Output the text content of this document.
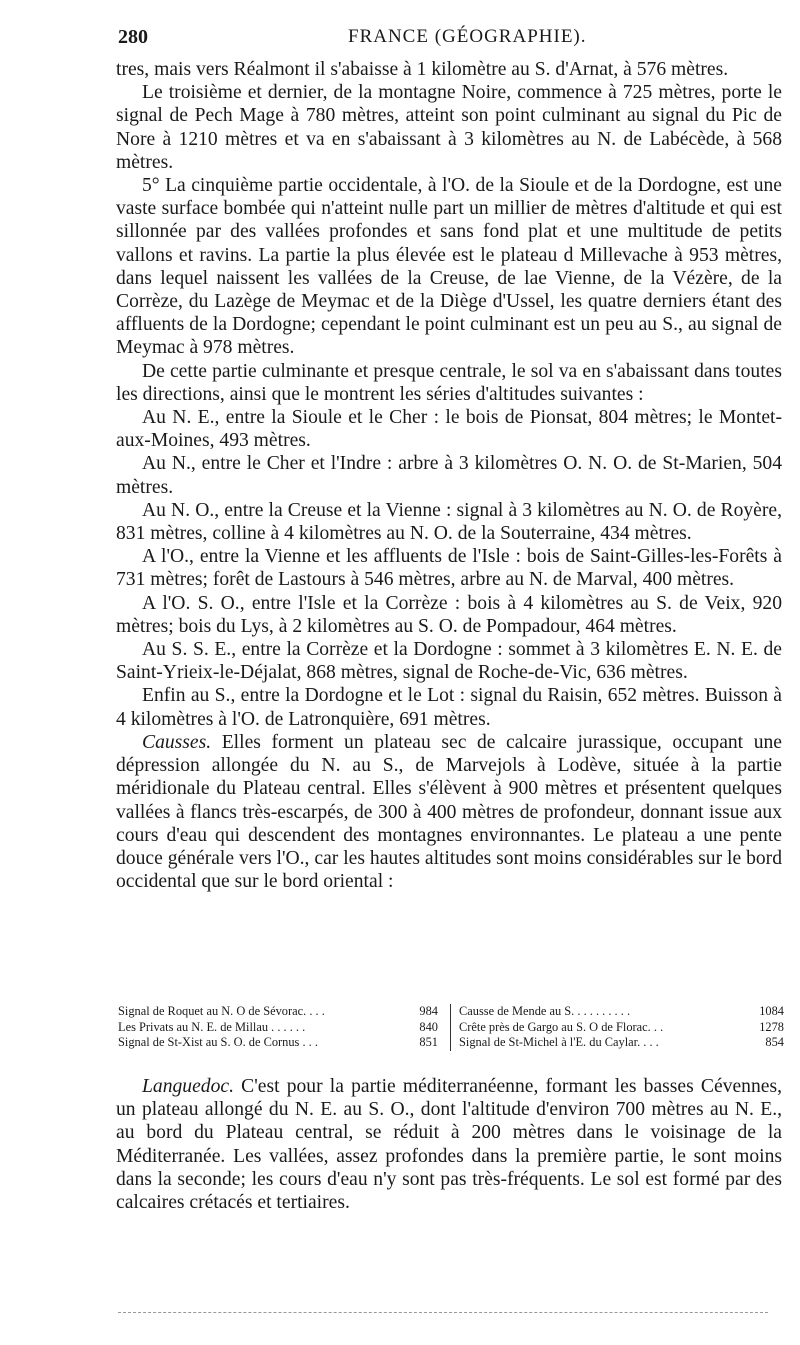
280	FRANCE (GÉOGRAPHIE).

tres, mais vers Réalmont il s'abaisse à 1 kilomètre au S. d'Arnat, à 576 mètres.

Le troisième et dernier, de la montagne Noire, commence à 725 mètres, porte le signal de Pech Mage à 780 mètres, atteint son point culminant au signal du Pic de Nore à 1210 mètres et va en s'abaissant à 3 kilomètres au N. de Labécède, à 568 mètres.

5° La cinquième partie occidentale, à l'O. de la Sioule et de la Dordogne, est une vaste surface bombée qui n'atteint nulle part un millier de mètres d'altitude et qui est sillonnée par des vallées profondes et sans fond plat et une multitude de petits vallons et ravins. La partie la plus élevée est le plateau d Millevache à 953 mètres, dans lequel naissent les vallées de la Creuse, de lae Vienne, de la Vézère, de la Corrèze, du Lazège de Meymac et de la Diège d'Ussel, les quatre derniers étant des affluents de la Dordogne; cependant le point culminant est un peu au S., au signal de Meymac à 978 mètres.

De cette partie culminante et presque centrale, le sol va en s'abaissant dans toutes les directions, ainsi que le montrent les séries d'altitudes suivantes :

Au N. E., entre la Sioule et le Cher : le bois de Pionsat, 804 mètres; le Montet-aux-Moines, 493 mètres.

Au N., entre le Cher et l'Indre : arbre à 3 kilomètres O. N. O. de St-Marien, 504 mètres.

Au N. O., entre la Creuse et la Vienne : signal à 3 kilomètres au N. O. de Royère, 831 mètres, colline à 4 kilomètres au N. O. de la Souterraine, 434 mètres.

A l'O., entre la Vienne et les affluents de l'Isle : bois de Saint-Gilles-les-Forêts à 731 mètres; forêt de Lastours à 546 mètres, arbre au N. de Marval, 400 mètres.

A l'O. S. O., entre l'Isle et la Corrèze : bois à 4 kilomètres au S. de Veix, 920 mètres; bois du Lys, à 2 kilomètres au S. O. de Pompadour, 464 mètres.

Au S. S. E., entre la Corrèze et la Dordogne : sommet à 3 kilomètres E. N. E. de Saint-Yrieix-le-Déjalat, 868 mètres, signal de Roche-de-Vic, 636 mètres.

Enfin au S., entre la Dordogne et le Lot : signal du Raisin, 652 mètres. Buisson à 4 kilomètres à l'O. de Latronquière, 691 mètres.

Causses. Elles forment un plateau sec de calcaire jurassique, occupant une dépression allongée du N. au S., de Marvejols à Lodève, située à la partie méridionale du Plateau central. Elles s'élèvent à 900 mètres et présentent quelques vallées à flancs très-escarpés, de 300 à 400 mètres de profondeur, donnant issue aux cours d'eau qui descendent des montagnes environnantes. Le plateau a une pente douce générale vers l'O., car les hautes altitudes sont moins considérables sur le bord occidental que sur le bord oriental :

Signal de Roquet au N. O de Sévorac. . . .	984
Les Privats au N. E. de Millau . . . . . .	840
Signal de St-Xist au S. O. de Cornus . . .	851
Causse de Mende au S. . . . . . . . . .	1084
Crête près de Gargo au S. O de Florac. . .	1278
Signal de St-Michel à l'E. du Caylar. . . .	854

Languedoc. C'est pour la partie méditerranéenne, formant les basses Cévennes, un plateau allongé du N. E. au S. O., dont l'altitude d'environ 700 mètres au N. E., au bord du Plateau central, se réduit à 200 mètres dans le voisinage de la Méditerranée. Les vallées, assez profondes dans la première partie, le sont moins dans la seconde; les cours d'eau n'y sont pas très-fréquents. Le sol est formé par des calcaires crétacés et tertiaires.
